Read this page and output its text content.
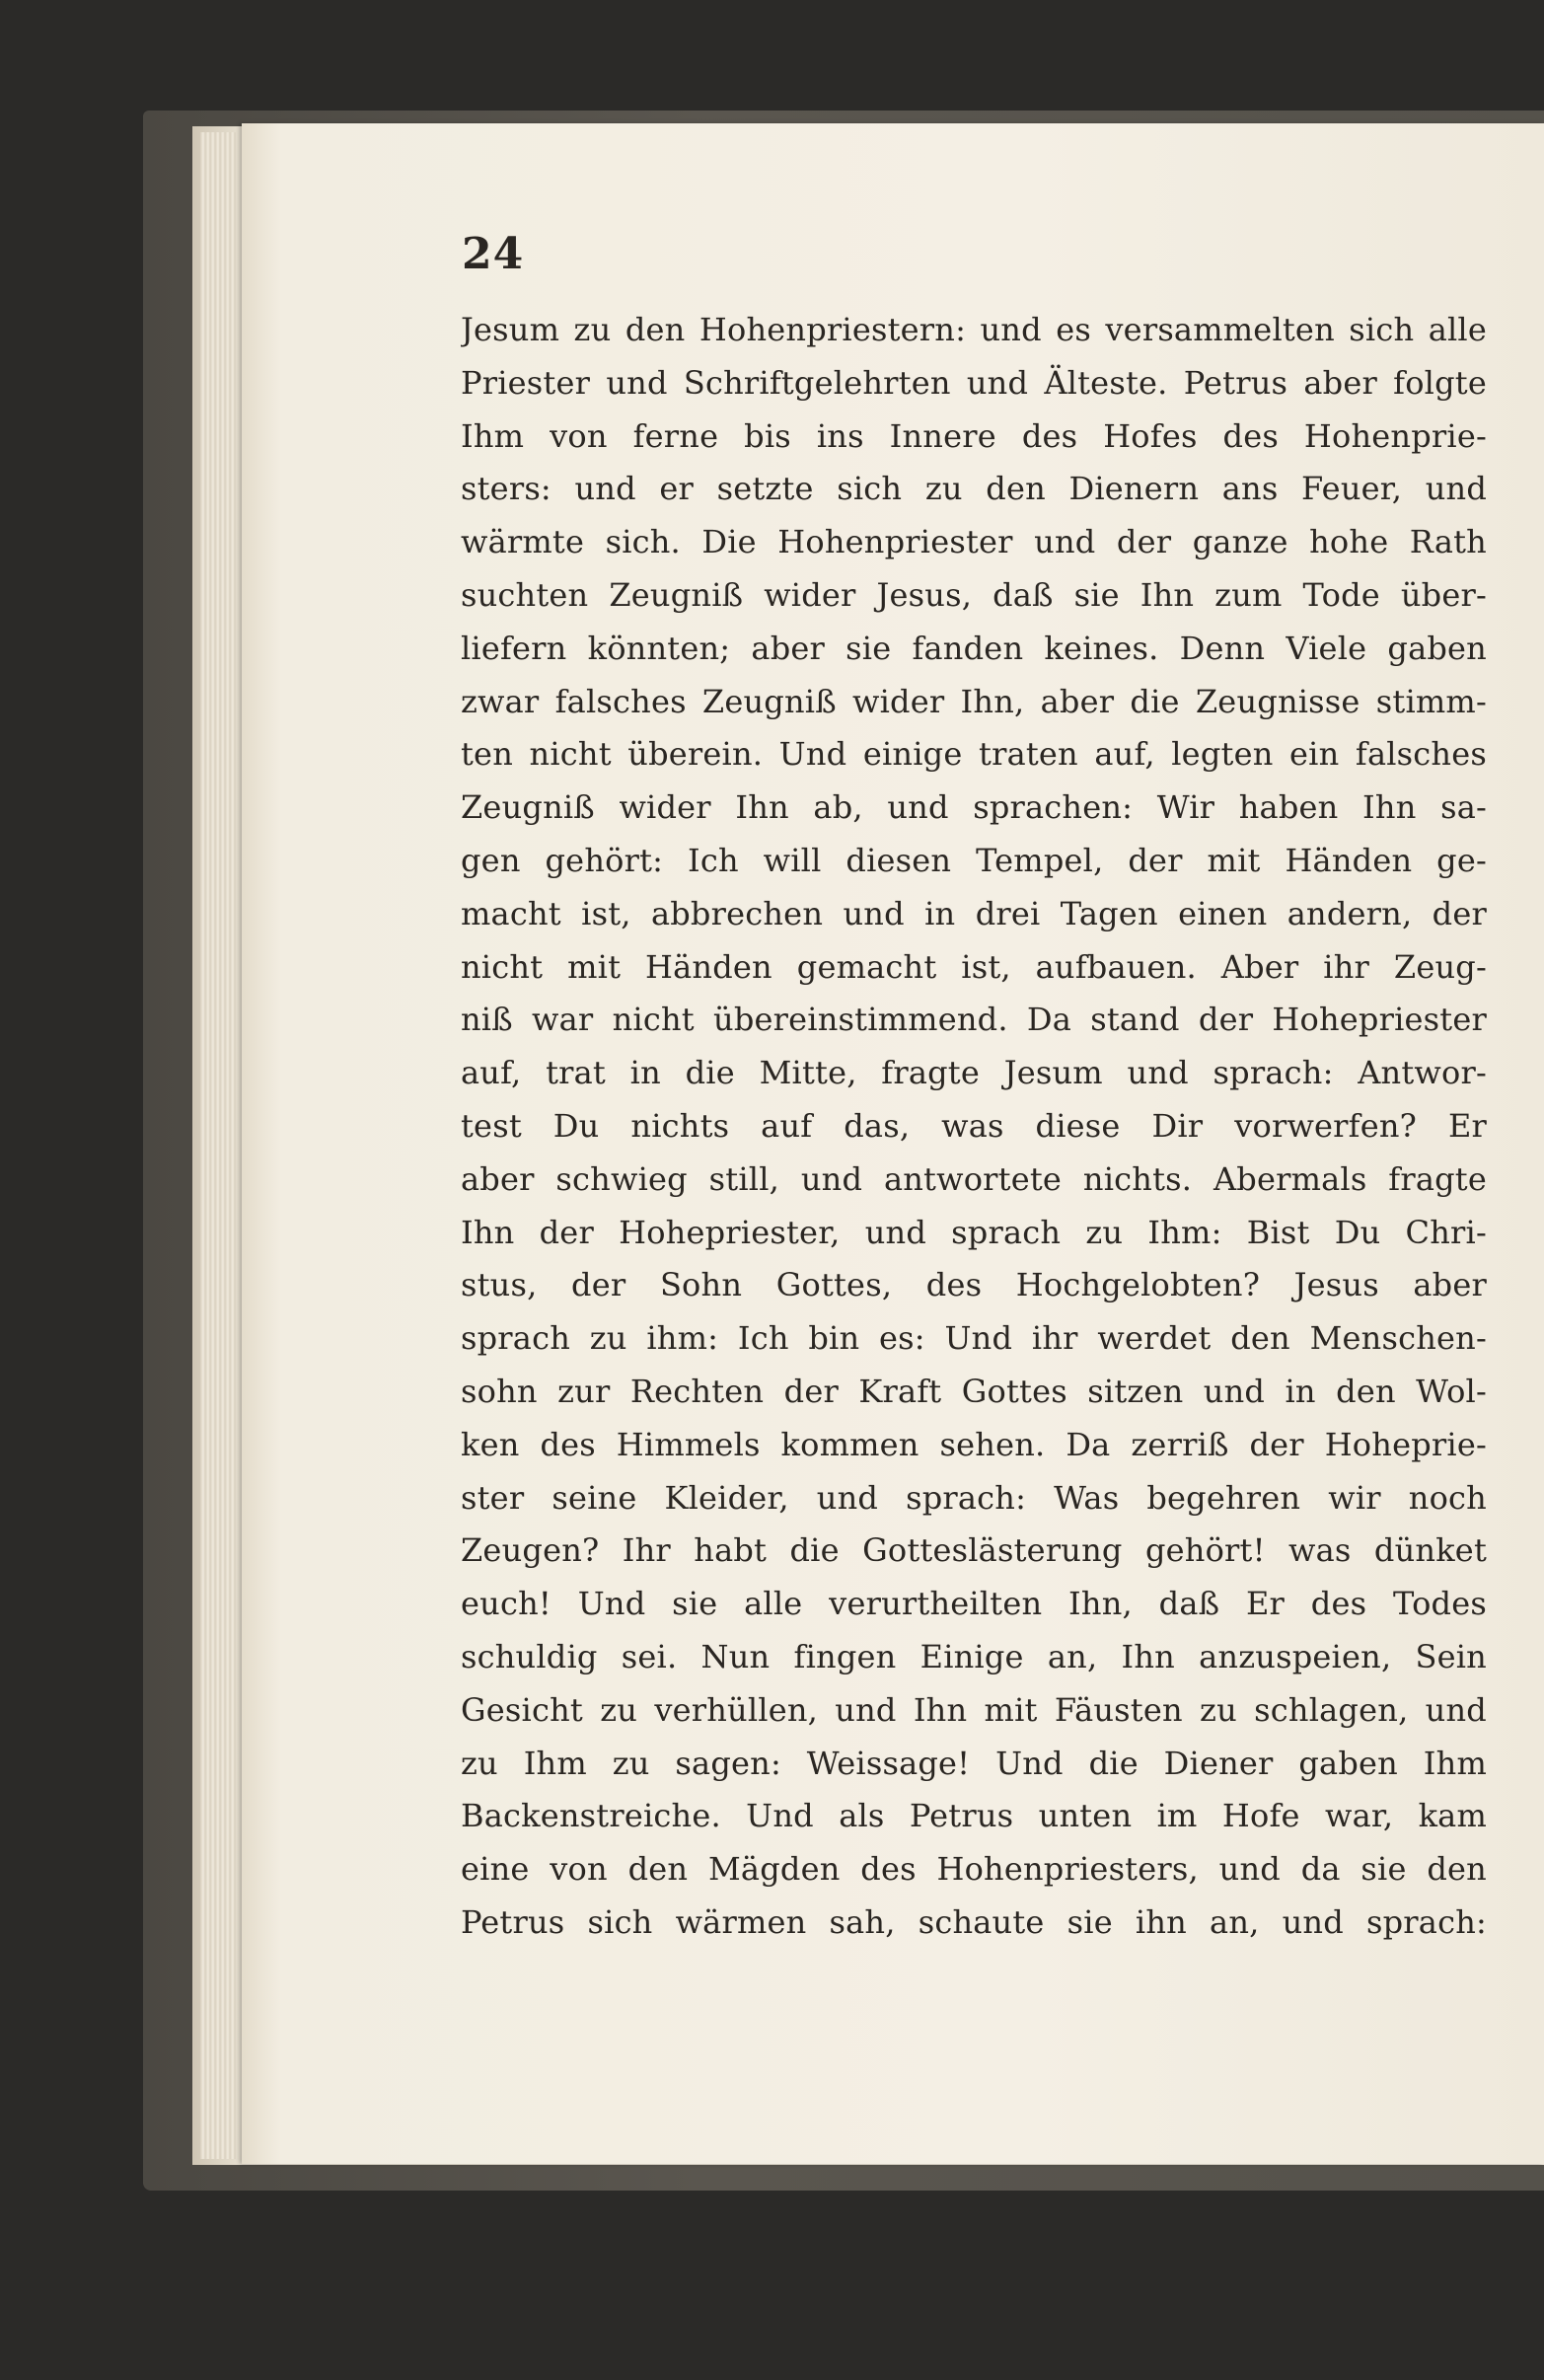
24
Jesum zu den Hohenpriestern: und es versammelten sich alle
Priester und Schriftgelehrten und Älteste. Petrus aber folgte
Ihm von ferne bis ins Innere des Hofes des Hohenprie-
sters: und er setzte sich zu den Dienern ans Feuer, und
wärmte sich. Die Hohenpriester und der ganze hohe Rath
suchten Zeugniß wider Jesus, daß sie Ihn zum Tode über-
liefern könnten; aber sie fanden keines. Denn Viele gaben
zwar falsches Zeugniß wider Ihn, aber die Zeugnisse stimm-
ten nicht überein. Und einige traten auf, legten ein falsches
Zeugniß wider Ihn ab, und sprachen: Wir haben Ihn sa-
gen gehört: Ich will diesen Tempel, der mit Händen ge-
macht ist, abbrechen und in drei Tagen einen andern, der
nicht mit Händen gemacht ist, aufbauen. Aber ihr Zeug-
niß war nicht übereinstimmend. Da stand der Hohepriester
auf, trat in die Mitte, fragte Jesum und sprach: Antwor-
test Du nichts auf das, was diese Dir vorwerfen? Er
aber schwieg still, und antwortete nichts. Abermals fragte
Ihn der Hohepriester, und sprach zu Ihm: Bist Du Chri-
stus, der Sohn Gottes, des Hochgelobten? Jesus aber
sprach zu ihm: Ich bin es: Und ihr werdet den Menschen-
sohn zur Rechten der Kraft Gottes sitzen und in den Wol-
ken des Himmels kommen sehen. Da zerriß der Hoheprie-
ster seine Kleider, und sprach: Was begehren wir noch
Zeugen? Ihr habt die Gotteslästerung gehört! was dünket
euch! Und sie alle verurtheilten Ihn, daß Er des Todes
schuldig sei. Nun fingen Einige an, Ihn anzuspeien, Sein
Gesicht zu verhüllen, und Ihn mit Fäusten zu schlagen, und
zu Ihm zu sagen: Weissage! Und die Diener gaben Ihm
Backenstreiche. Und als Petrus unten im Hofe war, kam
eine von den Mägden des Hohenpriesters, und da sie den
Petrus sich wärmen sah, schaute sie ihn an, und sprach:
